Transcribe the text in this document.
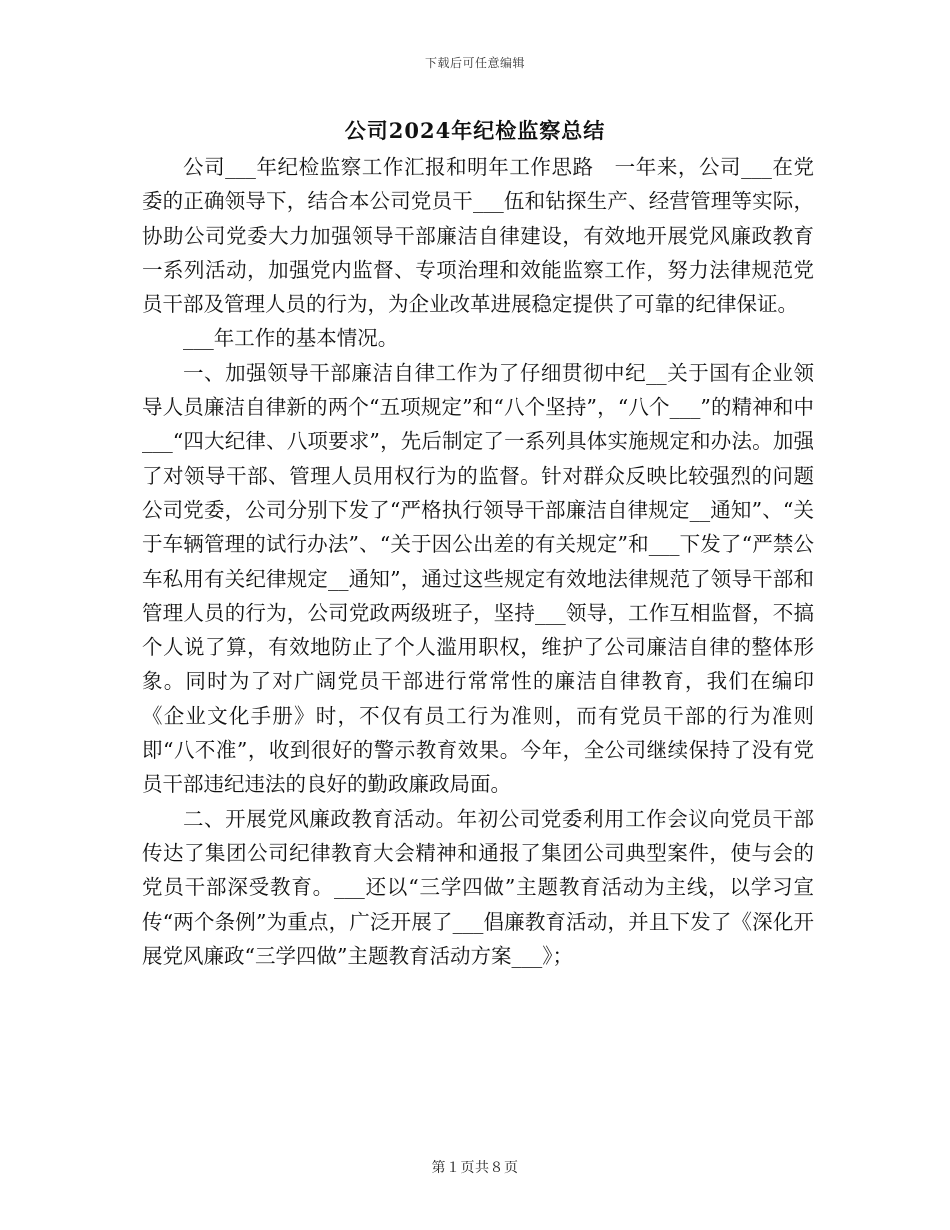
下载后可任意编辑
公司2024年纪检监察总结

公司___年纪检监察工作汇报和明年工作思路　一年来，公司___在党委的正确领导下，结合本公司党员干___伍和钻探生产、经营管理等实际，协助公司党委大力加强领导干部廉洁自律建设，有效地开展党风廉政教育一系列活动，加强党内监督、专项治理和效能监察工作，努力法律规范党员干部及管理人员的行为，为企业改革进展稳定提供了可靠的纪律保证。

___年工作的基本情况。

一、加强领导干部廉洁自律工作为了仔细贯彻中纪__关于国有企业领导人员廉洁自律新的两个“五项规定”和“八个坚持”，“八个___”的精神和中___“四大纪律、八项要求”，先后制定了一系列具体实施规定和办法。加强了对领导干部、管理人员用权行为的监督。针对群众反映比较强烈的问题公司党委，公司分别下发了“严格执行领导干部廉洁自律规定__通知”、“关于车辆管理的试行办法”、“关于因公出差的有关规定”和___下发了“严禁公车私用有关纪律规定__通知”，通过这些规定有效地法律规范了领导干部和管理人员的行为，公司党政两级班子，坚持___领导，工作互相监督，不搞个人说了算，有效地防止了个人滥用职权，维护了公司廉洁自律的整体形象。同时为了对广阔党员干部进行常常性的廉洁自律教育，我们在编印《企业文化手册》时，不仅有员工行为准则，而有党员干部的行为准则即“八不准”，收到很好的警示教育效果。今年，全公司继续保持了没有党员干部违纪违法的良好的勤政廉政局面。

二、开展党风廉政教育活动。年初公司党委利用工作会议向党员干部传达了集团公司纪律教育大会精神和通报了集团公司典型案件，使与会的党员干部深受教育。___还以“三学四做”主题教育活动为主线，以学习宣传“两个条例”为重点，广泛开展了___倡廉教育活动，并且下发了《深化开展党风廉政“三学四做”主题教育活动方案___》；

第１页共８页
